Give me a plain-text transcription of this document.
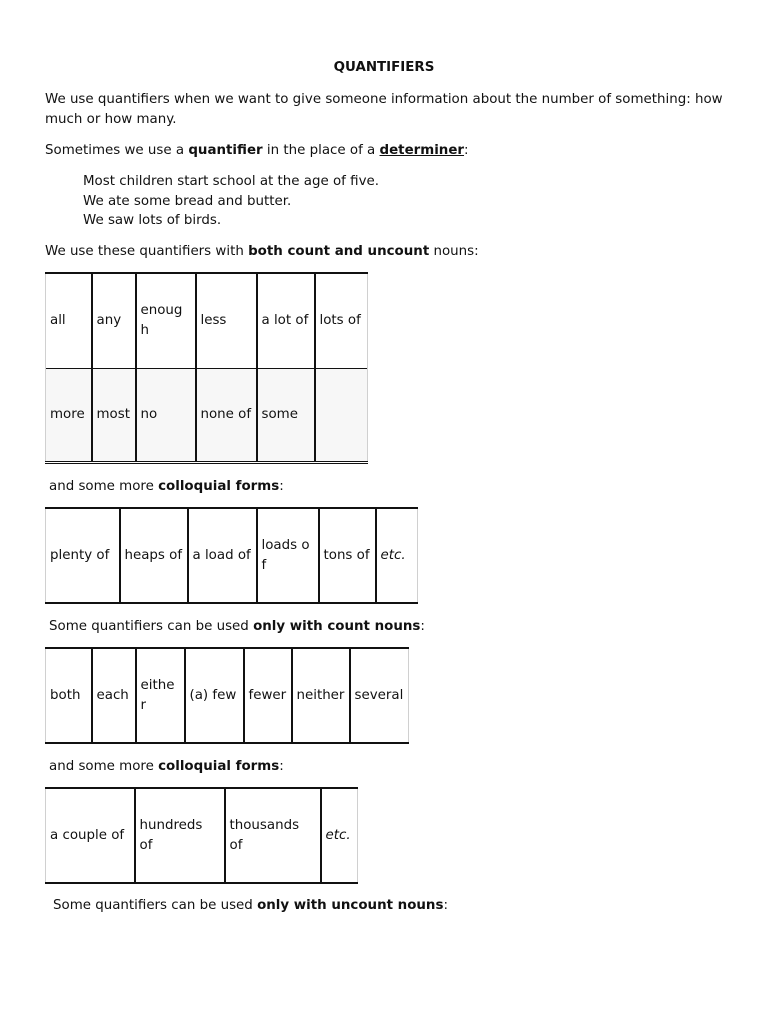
QUANTIFIERS
We use quantifiers when we want to give someone information about the number of something: how much or how many.
Sometimes we use a quantifier in the place of a determiner:
Most children start school at the age of five.
We ate some bread and butter.
We saw lots of birds.
We use these quantifiers with both count and uncount nouns:
all	any	enough	less	a lot of	lots of
more	most	no	none of	some	
and some more colloquial forms:
plenty of	heaps of	a load of	loads of	tons of	etc.
Some quantifiers can be used only with count nouns:
both	each	either	(a) few	fewer	neither	several
and some more colloquial forms:
a couple of	hundreds of	thousands of	etc.
Some quantifiers can be used only with uncount nouns:
